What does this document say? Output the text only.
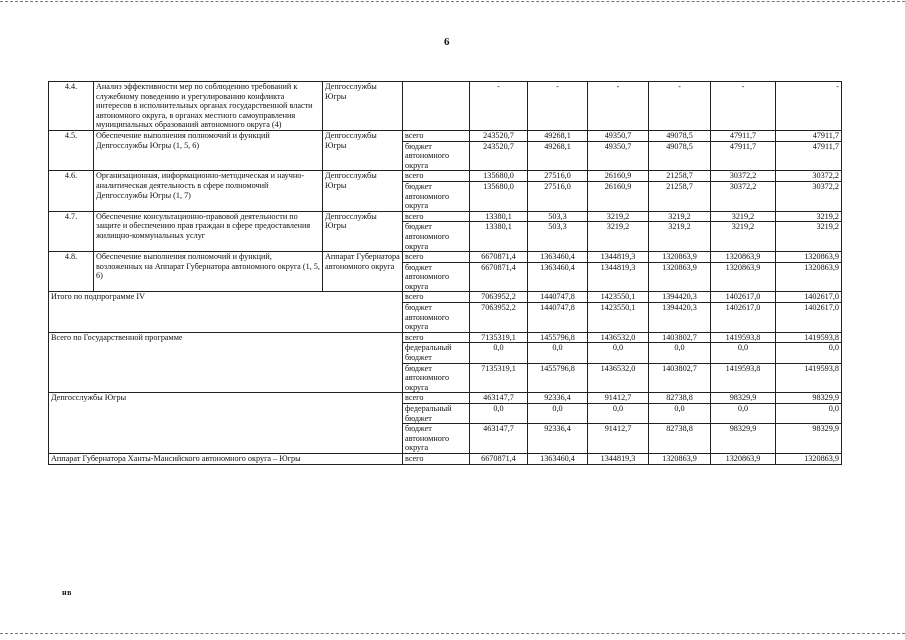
6
4.4.	Анализ эффективности мер по соблюдению требований к служебному поведению и урегулированию конфликта интересов в исполнительных органах государственной власти автономного округа, в органах местного самоуправления муниципальных образований автономного округа (4)	Депгосслужбы Югры		-	-	-	-	-	-
4.5.	Обеспечение выполнения полномочий и функций Депгосслужбы Югры (1, 5, 6)	Депгосслужбы Югры	всего	243520,7	49268,1	49350,7	49078,5	47911,7	47911,7
			бюджет автономного округа	243520,7	49268,1	49350,7	49078,5	47911,7	47911,7
4.6.	Организационная, информационно-методическая и научно-аналитическая деятельность в сфере полномочий Депгосслужбы Югры (1, 7)	Депгосслужбы Югры	всего	135680,0	27516,0	26160,9	21258,7	30372,2	30372,2
			бюджет автономного округа	135680,0	27516,0	26160,9	21258,7	30372,2	30372,2
4.7.	Обеспечение консультационно-правовой деятельности по защите и обеспечению прав граждан в сфере предоставления жилищно-коммунальных услуг	Депгосслужбы Югры	всего	13380,1	503,3	3219,2	3219,2	3219,2	3219,2
			бюджет автономного округа	13380,1	503,3	3219,2	3219,2	3219,2	3219,2
4.8.	Обеспечение выполнения полномочий и функций, возложенных на Аппарат Губернатора автономного округа (1, 5, 6)	Аппарат Губернатора автономного округа	всего	6670871,4	1363460,4	1344819,3	1320863,9	1320863,9	1320863,9
			бюджет автономного округа	6670871,4	1363460,4	1344819,3	1320863,9	1320863,9	1320863,9
Итого по подпрограмме IV			всего	7063952,2	1440747,8	1423550,1	1394420,3	1402617,0	1402617,0
			бюджет автономного округа	7063952,2	1440747,8	1423550,1	1394420,3	1402617,0	1402617,0
Всего по Государственной программе			всего	7135319,1	1455796,8	1436532,0	1403802,7	1419593,8	1419593,8
			федеральный бюджет	0,0	0,0	0,0	0,0	0,0	0,0
			бюджет автономного округа	7135319,1	1455796,8	1436532,0	1403802,7	1419593,8	1419593,8
Депгосслужбы Югры			всего	463147,7	92336,4	91412,7	82738,8	98329,9	98329,9
			федеральный бюджет	0,0	0,0	0,0	0,0	0,0	0,0
			бюджет автономного округа	463147,7	92336,4	91412,7	82738,8	98329,9	98329,9
Аппарат Губернатора Ханты-Мансийского автономного округа – Югры			всего	6670871,4	1363460,4	1344819,3	1320863,9	1320863,9	1320863,9
нв
